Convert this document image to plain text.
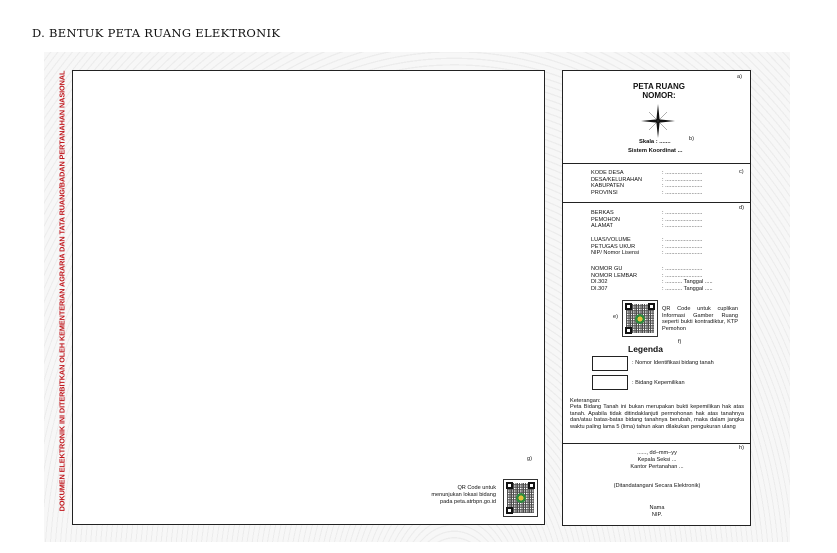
D. BENTUK PETA RUANG ELEKTRONIK
DOKUMEN ELEKTRONIK INI DITERBITKAN OLEH KEMENTERIAN AGRARIA DAN TATA RUANG/BADAN PERTANAHAN NASIONAL	g)
QR Code untuk
menunjukan lokasi bidang
pada peta.atrbpn.go.id
a)
PETA RUANG
NOMOR:
b)
Skala : .......
Sistem Koordinat ...
c)
KODE DESA
DESA/KELURAHAN
KABUPATEN
PROVINSI
: ........................
: ........................
: ........................
: ........................
d)
BERKAS
PEMOHON
ALAMAT
: ........................
: ........................
: ........................
LUAS/VOLUME
PETUGAS UKUR
NIP/ Nomor Lisensi
: ........................
: ........................
: ........................
NOMOR GU
NOMOR LEMBAR
DI.302
DI.307
: ........................
: ........................
: ........... Tanggal .....
: ........... Tanggal .....
e)
QR Code untuk cuplikan Informasi Gamber Ruang seperti bukti kontradiktur, KTP Pemohon
f)
Legenda
: Nomor Identifikasi bidang tanah
: Bidang Kepemilikan
Keterangan:
Peta Bidang Tanah ini bukan merupakan bukti kepemilikan hak atas tanah. Apabila tidak ditindaklanjuti permohonan hak atas tanahnya dan/atau batas-batas bidang tanahnya berubah, maka dalam jangka waktu paling lama 5 (lima) tahun akan dilakukan pengukuran ulang
h)
......, dd–mm–yy
Kepala Seksi ...
Kantor Pertanahan ...
(Ditandatangani Secara Elektronik)
Nama
NIP.
